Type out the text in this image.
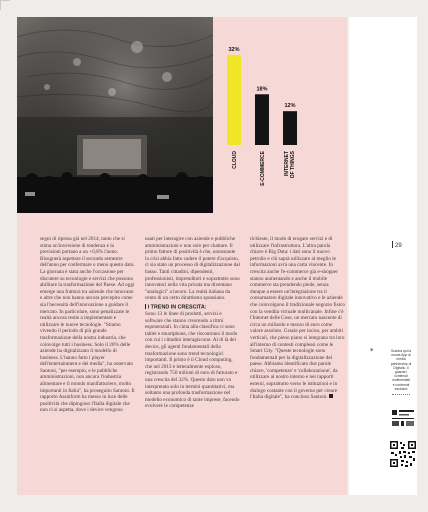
32%
CLOUD
18%
E-COMMERCE
12%
INTERNETOF THINGS

segni di ripresa già nel 2014, tanto che si stima un'inversione di tendenza e la previsioni portano a un +0,8% l'anno. Bisognerà aspettare il secondo semestre dell'anno per confermare o meno questo dato. La giornata è stata anche l'occasione per discutere su tecnologie e servizi che possono abilitare la trasformazione del Paese. Ad oggi emerge una frattura tra aziende che innovano e altre che non hanno ancora percepito come sia l'necessità dell'innovazione a guidare il mercato. In particolare, sono penalizzate le realtà ancora restie a implementare e utilizzare le nuove tecnologie. "Stiamo vivendo il periodo di più grande trasformazione della nostra industria, che coinvolge tutti i business. Solo il 20% delle aziende ha digitalizzato il modello di business. L'hanno fatto i player dell'entertainment e dei media", ha osservato Santoni, "per esempio, e le pubbliche amministrazioni, non ancora l'industria alimentare e il mondo manifatturiero, molto importanti in Italia", ha proseguito Santoni. Il rapporto Assinform ha messo in luce delle positività che dipingono l'Italia digitale che non ci si aspetta, dove i device vengono

usati per interagire con aziende e pubbliche amministrazioni e non solo per chattare. Il primo fattore di positività è che, nonostante la crisi abbia fatto cadere il potere d'acquisto, ci sia stato un processo di digitalizzazione dal basso. Tanti cittadini, dipendenti, professionisti, imprenditori e soprattutto sono innovatori nella vita privata ma diventano "analogici" a lavoro. La realtà italiana da cento di un certo dirattismo sponsiano.

I TREND IN CRESCITA:

Sono 13 le linee di prodotti, servizi e software che stanno crescendo a ritmi esponenziali. In cima alla classifica ci sono tablet e smartphone, che riscontrano il modo con cui i cittadini interagiscono. Al di là dei device, gli agenti fondamentali della trasformazione sono trend tecnologici importanti. Il primo è il Cloud computing, che nel 2013 è letteralmente esploso, registrando 750 milioni di euro di fatturato e una crescita del 32%. Questo dato non va interpretato solo in termini quantitativi, ma soltanto una profonda trasformazione nel modello economico di tante imprese, facendo evolvere le competenze

richieste, il modo di erogare servizi e di utilizzare l'infrastruttura. L'altra parola chiave è Big Data: i dati sono il nuovo petrolio e chi saprà utilizzare al meglio le informazioni avrà una carta vincente. In crescita anche l'e-commerce già e-shopper stanno aumentando e anche il mobile commerce sta prendendo piede, senza dunque a essere un'integrazione tra il consumatore digitale innovativo e le aziende che coinvolgono il tradizionale negozio fisico con la vendita virtuale multicanale. Infine c'è l'Internet delle Cose, un mercato nascente di circa un miliardo e mezzo di euro come valore assoluto. Grazie per inciso, per ambiti verticali, che pieno piano si integrano tra loro all'interno di contesti complessi come le Smart City. "Queste tecnologie sono fondamentali per la digitalizzazione del paese. Abbiamo identificato due parole chiave, 'competenze' e 'collaborazione', da utilizzare al nostro interno e nei rapporti esterni, soprattutto verso le istituzioni e in dialogo costante con il governo per creare l'Italia digitale", ha concluso Santoni.

29
*	Scarica qui la nuova App di media partnership di Digitalic, ti guarda i contenuti multimediali
e contenuti esclusivi
